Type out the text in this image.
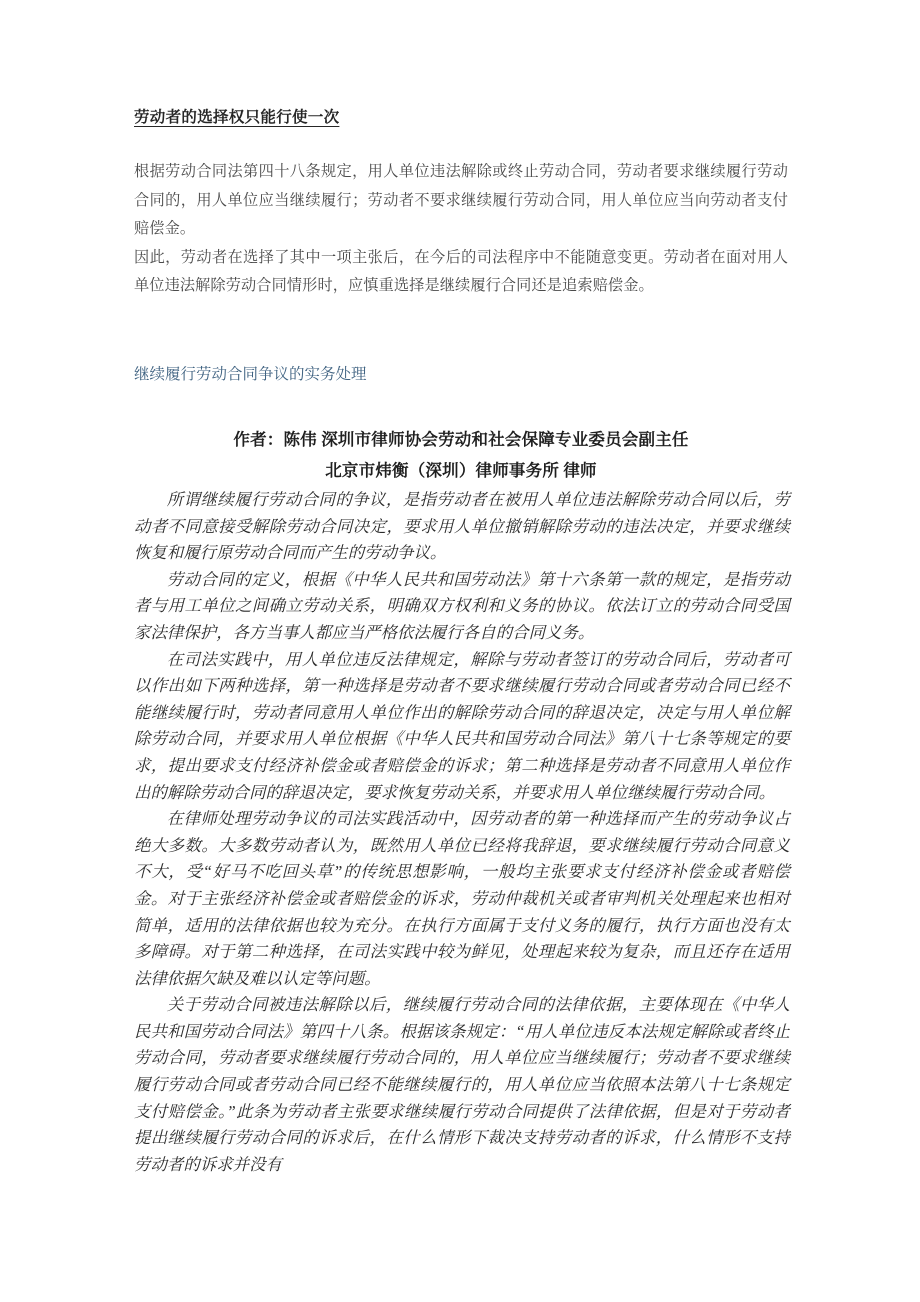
劳动者的选择权只能行使一次

根据劳动合同法第四十八条规定，用人单位违法解除或终止劳动合同，劳动者要求继续履行劳动合同的，用人单位应当继续履行；劳动者不要求继续履行劳动合同，用人单位应当向劳动者支付赔偿金。

因此，劳动者在选择了其中一项主张后，在今后的司法程序中不能随意变更。劳动者在面对用人单位违法解除劳动合同情形时，应慎重选择是继续履行合同还是追索赔偿金。

继续履行劳动合同争议的实务处理
作者：陈伟 深圳市律师协会劳动和社会保障专业委员会副主任
北京市炜衡（深圳）律师事务所 律师

所谓继续履行劳动合同的争议，是指劳动者在被用人单位违法解除劳动合同以后，劳动者不同意接受解除劳动合同决定，要求用人单位撤销解除劳动的违法决定，并要求继续恢复和履行原劳动合同而产生的劳动争议。

劳动合同的定义，根据《中华人民共和国劳动法》第十六条第一款的规定，是指劳动者与用工单位之间确立劳动关系，明确双方权利和义务的协议。依法订立的劳动合同受国家法律保护，各方当事人都应当严格依法履行各自的合同义务。

在司法实践中，用人单位违反法律规定，解除与劳动者签订的劳动合同后，劳动者可以作出如下两种选择，第一种选择是劳动者不要求继续履行劳动合同或者劳动合同已经不能继续履行时，劳动者同意用人单位作出的解除劳动合同的辞退决定，决定与用人单位解除劳动合同，并要求用人单位根据《中华人民共和国劳动合同法》第八十七条等规定的要求，提出要求支付经济补偿金或者赔偿金的诉求；第二种选择是劳动者不同意用人单位作出的解除劳动合同的辞退决定，要求恢复劳动关系，并要求用人单位继续履行劳动合同。

在律师处理劳动争议的司法实践活动中，因劳动者的第一种选择而产生的劳动争议占绝大多数。大多数劳动者认为，既然用人单位已经将我辞退，要求继续履行劳动合同意义不大，受“好马不吃回头草”的传统思想影响，一般均主张要求支付经济补偿金或者赔偿金。对于主张经济补偿金或者赔偿金的诉求，劳动仲裁机关或者审判机关处理起来也相对简单，适用的法律依据也较为充分。在执行方面属于支付义务的履行，执行方面也没有太多障碍。对于第二种选择，在司法实践中较为鲜见，处理起来较为复杂，而且还存在适用法律依据欠缺及难以认定等问题。

关于劳动合同被违法解除以后，继续履行劳动合同的法律依据，主要体现在《中华人民共和国劳动合同法》第四十八条。根据该条规定：“用人单位违反本法规定解除或者终止劳动合同，劳动者要求继续履行劳动合同的，用人单位应当继续履行；劳动者不要求继续履行劳动合同或者劳动合同已经不能继续履行的，用人单位应当依照本法第八十七条规定支付赔偿金。”此条为劳动者主张要求继续履行劳动合同提供了法律依据，但是对于劳动者提出继续履行劳动合同的诉求后，在什么情形下裁决支持劳动者的诉求，什么情形不支持劳动者的诉求并没有
